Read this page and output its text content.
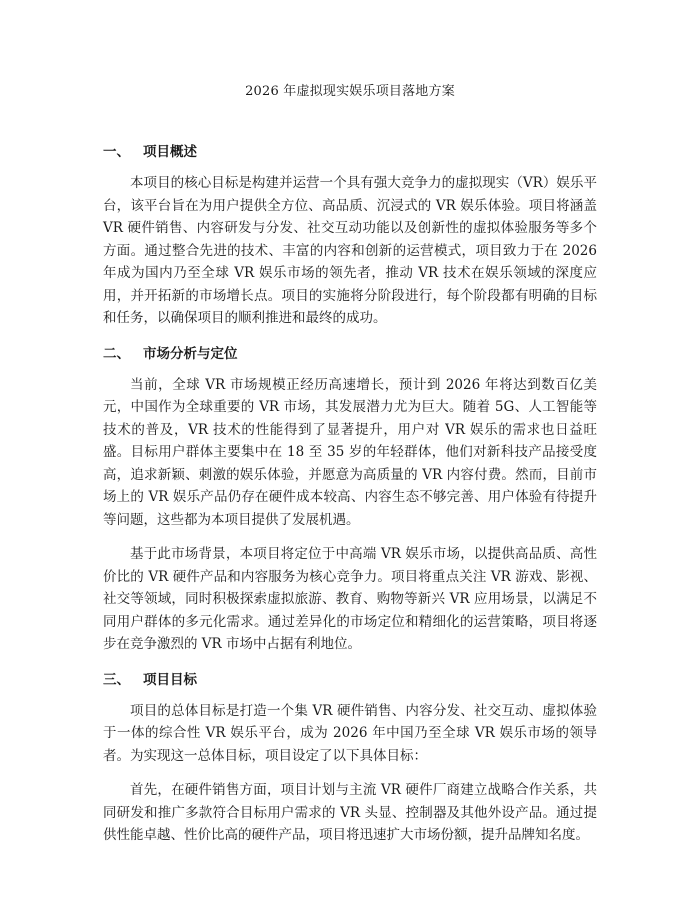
2026 年虚拟现实娱乐项目落地方案
一、 项目概述

本项目的核心目标是构建并运营一个具有强大竞争力的虚拟现实（VR）娱乐平台，该平台旨在为用户提供全方位、高品质、沉浸式的 VR 娱乐体验。项目将涵盖 VR 硬件销售、内容研发与分发、社交互动功能以及创新性的虚拟体验服务等多个方面。通过整合先进的技术、丰富的内容和创新的运营模式，项目致力于在 2026 年成为国内乃至全球 VR 娱乐市场的领先者，推动 VR 技术在娱乐领域的深度应用，并开拓新的市场增长点。项目的实施将分阶段进行，每个阶段都有明确的目标和任务，以确保项目的顺利推进和最终的成功。

二、 市场分析与定位

当前，全球 VR 市场规模正经历高速增长，预计到 2026 年将达到数百亿美元，中国作为全球重要的 VR 市场，其发展潜力尤为巨大。随着 5G、人工智能等技术的普及，VR 技术的性能得到了显著提升，用户对 VR 娱乐的需求也日益旺盛。目标用户群体主要集中在 18 至 35 岁的年轻群体，他们对新科技产品接受度高，追求新颖、刺激的娱乐体验，并愿意为高质量的 VR 内容付费。然而，目前市场上的 VR 娱乐产品仍存在硬件成本较高、内容生态不够完善、用户体验有待提升等问题，这些都为本项目提供了发展机遇。

基于此市场背景，本项目将定位于中高端 VR 娱乐市场，以提供高品质、高性价比的 VR 硬件产品和内容服务为核心竞争力。项目将重点关注 VR 游戏、影视、社交等领域，同时积极探索虚拟旅游、教育、购物等新兴 VR 应用场景，以满足不同用户群体的多元化需求。通过差异化的市场定位和精细化的运营策略，项目将逐步在竞争激烈的 VR 市场中占据有利地位。

三、 项目目标

项目的总体目标是打造一个集 VR 硬件销售、内容分发、社交互动、虚拟体验于一体的综合性 VR 娱乐平台，成为 2026 年中国乃至全球 VR 娱乐市场的领导者。为实现这一总体目标，项目设定了以下具体目标：

首先，在硬件销售方面，项目计划与主流 VR 硬件厂商建立战略合作关系，共同研发和推广多款符合目标用户需求的 VR 头显、控制器及其他外设产品。通过提供性能卓越、性价比高的硬件产品，项目将迅速扩大市场份额，提升品牌知名度。
